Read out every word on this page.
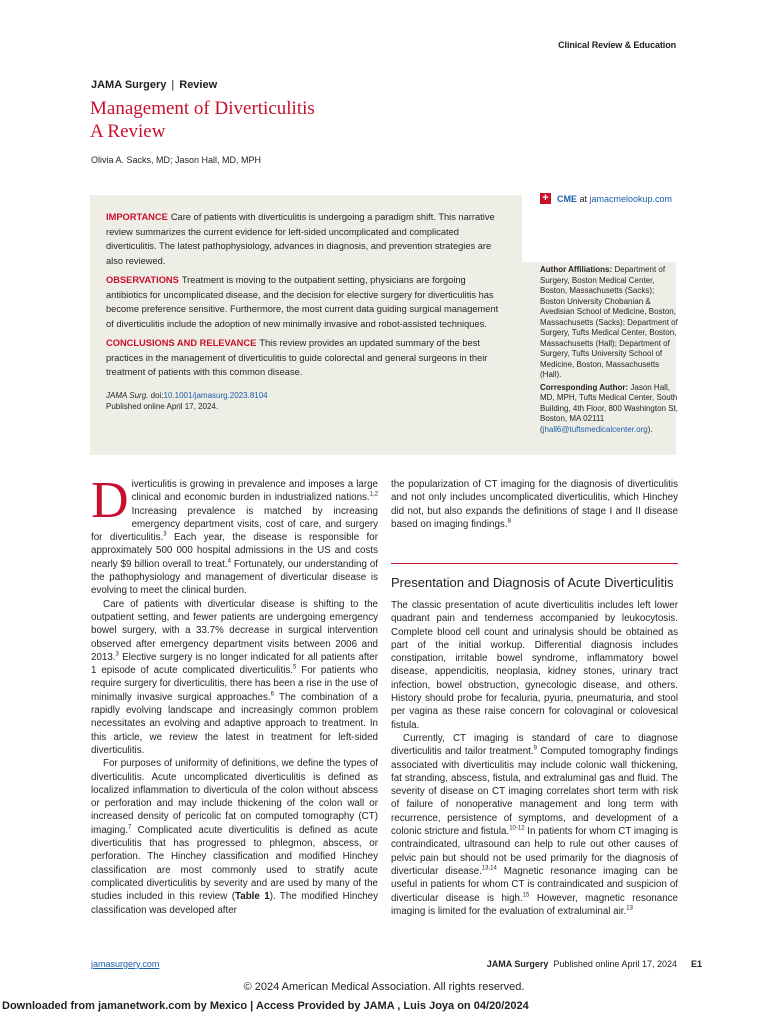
Clinical Review & Education
JAMA Surgery | Review
Management of Diverticulitis
A Review
Olivia A. Sacks, MD; Jason Hall, MD, MPH

IMPORTANCE Care of patients with diverticulitis is undergoing a paradigm shift. This narrative review summarizes the current evidence for left-sided uncomplicated and complicated diverticulitis. The latest pathophysiology, advances in diagnosis, and prevention strategies are also reviewed.

OBSERVATIONS Treatment is moving to the outpatient setting, physicians are forgoing antibiotics for uncomplicated disease, and the decision for elective surgery for diverticulitis has become preference sensitive. Furthermore, the most current data guiding surgical management of diverticulitis include the adoption of new minimally invasive and robot-assisted techniques.

CONCLUSIONS AND RELEVANCE This review provides an updated summary of the best practices in the management of diverticulitis to guide colorectal and general surgeons in their treatment of patients with this common disease.

JAMA Surg. doi:10.1001/jamasurg.2023.8104
Published online April 17, 2024.
+ CME at jamacmelookup.com

Author Affiliations: Department of Surgery, Boston Medical Center, Boston, Massachusetts (Sacks); Boston University Chobanian & Avedisian School of Medicine, Boston, Massachusetts (Sacks); Department of Surgery, Tufts Medical Center, Boston, Massachusetts (Hall); Department of Surgery, Tufts University School of Medicine, Boston, Massachusetts (Hall).

Corresponding Author: Jason Hall, MD, MPH, Tufts Medical Center, South Building, 4th Floor, 800 Washington St, Boston, MA 02111 (jhall6@tuftsmedicalcenter.org).

Diverticulitis is growing in prevalence and imposes a large clinical and economic burden in industrialized nations.$^{1,2}$ Increasing prevalence is matched by increasing emergency department visits, cost of care, and surgery for diverticulitis.$^3$ Each year, the disease is responsible for approximately 500 000 hospital admissions in the US and costs nearly $9 billion overall to treat.$^4$ Fortunately, our understanding of the pathophysiology and management of diverticular disease is evolving to meet the clinical burden.

Care of patients with diverticular disease is shifting to the outpatient setting, and fewer patients are undergoing emergency bowel surgery, with a 33.7% decrease in surgical intervention observed after emergency department visits between 2006 and 2013.$^3$ Elective surgery is no longer indicated for all patients after 1 episode of acute complicated diverticulitis.$^5$ For patients who require surgery for diverticulitis, there has been a rise in the use of minimally invasive surgical approaches.$^6$ The combination of a rapidly evolving landscape and increasingly common problem necessitates an evolving and adaptive approach to treatment. In this article, we review the latest in treatment for left-sided diverticulitis.

For purposes of uniformity of definitions, we define the types of diverticulitis. Acute uncomplicated diverticulitis is defined as localized inflammation to diverticula of the colon without abscess or perforation and may include thickening of the colon wall or increased density of pericolic fat on computed tomography (CT) imaging.$^7$ Complicated acute diverticulitis is defined as acute diverticulitis that has progressed to phlegmon, abscess, or perforation. The Hinchey classification and modified Hinchey classification are most commonly used to stratify acute complicated diverticulitis by severity and are used by many of the studies included in this review (Table 1). The modified Hinchey classification was developed after

the popularization of CT imaging for the diagnosis of diverticulitis and not only includes uncomplicated diverticulitis, which Hinchey did not, but also expands the definitions of stage I and II disease based on imaging findings.$^8$

Presentation and Diagnosis of Acute Diverticulitis

The classic presentation of acute diverticulitis includes left lower quadrant pain and tenderness accompanied by leukocytosis. Complete blood cell count and urinalysis should be obtained as part of the initial workup. Differential diagnosis includes constipation, irritable bowel syndrome, inflammatory bowel disease, appendicitis, neoplasia, kidney stones, urinary tract infection, bowel obstruction, gynecologic disease, and others. History should probe for fecaluria, pyuria, pneumaturia, and stool per vagina as these raise concern for colovaginal or colovesical fistula.

Currently, CT imaging is standard of care to diagnose diverticulitis and tailor treatment.$^9$ Computed tomography findings associated with diverticulitis may include colonic wall thickening, fat stranding, abscess, fistula, and extraluminal gas and fluid. The severity of disease on CT imaging correlates short term with risk of failure of nonoperative management and long term with recurrence, persistence of symptoms, and development of a colonic stricture and fistula.$^{10-12}$ In patients for whom CT imaging is contraindicated, ultrasound can help to rule out other causes of pelvic pain but should not be used primarily for the diagnosis of diverticular disease.$^{13,14}$ Magnetic resonance imaging can be useful in patients for whom CT is contraindicated and suspicion of diverticular disease is high.$^{15}$ However, magnetic resonance imaging is limited for the evaluation of extraluminal air.$^{13}$

jamasurgery.com	JAMA Surgery Published online April 17, 2024 E1
© 2024 American Medical Association. All rights reserved.
Downloaded from jamanetwork.com by Mexico | Access Provided by JAMA , Luis Joya on 04/20/2024
